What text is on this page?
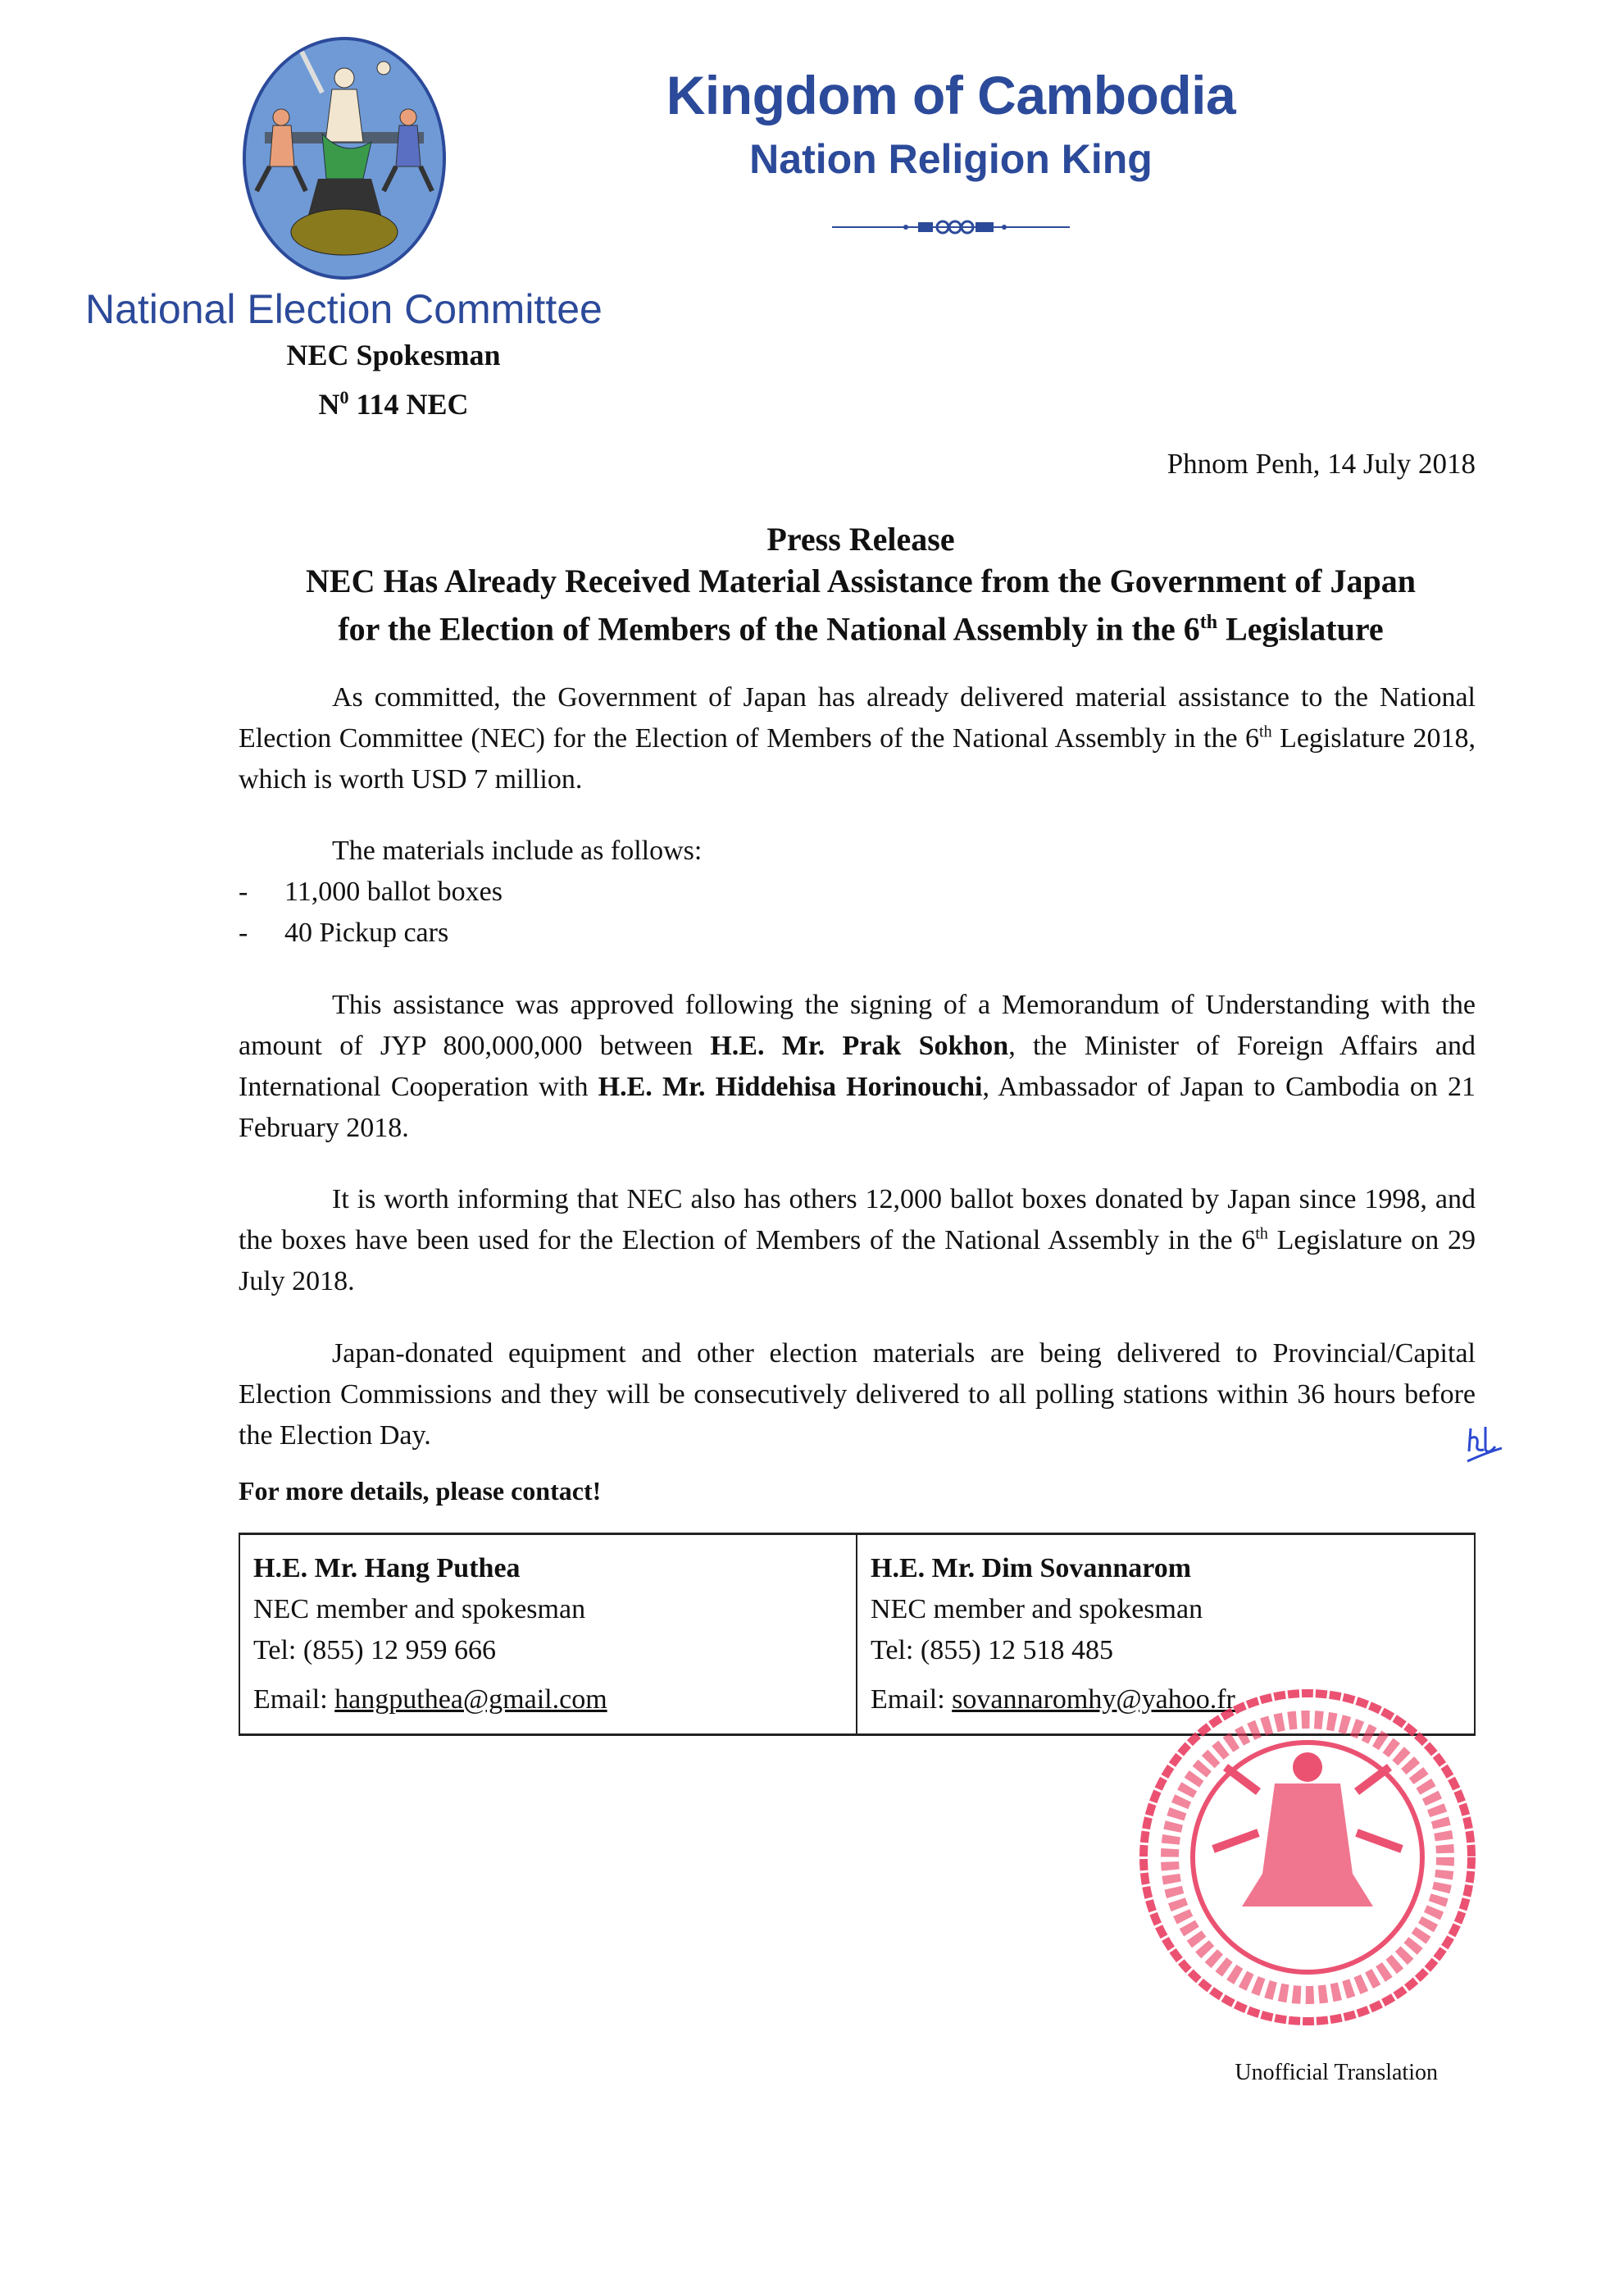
Kingdom of Cambodia
Nation Religion King
National Election Committee
NEC Spokesman
$N^0$ 114 NEC
Phnom Penh, 14 July 2018
Press Release
NEC Has Already Received Material Assistance from the Government of Japan
for the Election of Members of the National Assembly in the 6th Legislature

As committed, the Government of Japan has already delivered material assistance to the National Election Committee (NEC) for the Election of Members of the National Assembly in the 6th Legislature 2018, which is worth USD 7 million.

The materials include as follows:
-	11,000 ballot boxes
-	40 Pickup cars

This assistance was approved following the signing of a Memorandum of Understanding with the amount of JYP 800,000,000 between H.E. Mr. Prak Sokhon, the Minister of Foreign Affairs and International Cooperation with H.E. Mr. Hiddehisa Horinouchi, Ambassador of Japan to Cambodia on 21 February 2018.

It is worth informing that NEC also has others 12,000 ballot boxes donated by Japan since 1998, and the boxes have been used for the Election of Members of the National Assembly in the 6th Legislature on 29 July 2018.

Japan-donated equipment and other election materials are being delivered to Provincial/Capital Election Commissions and they will be consecutively delivered to all polling stations within 36 hours before the Election Day.

For more details, please contact!
H.E. Mr. Hang Puthea
NEC member and spokesman
Tel: (855) 12 959 666
Email: hangputhea@gmail.com
H.E. Mr. Dim Sovannarom
NEC member and spokesman
Tel: (855) 12 518 485
Email: sovannaromhy@yahoo.fr
Unofficial Translation
